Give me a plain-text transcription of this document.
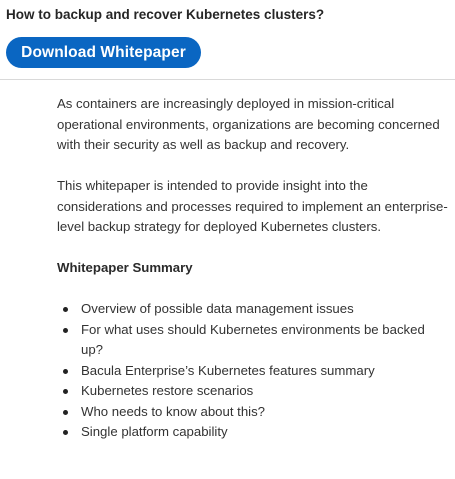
How to backup and recover Kubernetes clusters?
Download Whitepaper

As containers are increasingly deployed in mission-critical operational environments, organizations are becoming concerned with their security as well as backup and recovery.

This whitepaper is intended to provide insight into the considerations and processes required to implement an enterprise-level backup strategy for deployed Kubernetes clusters.

Whitepaper Summary

Overview of possible data management issues
For what uses should Kubernetes environments be backed up?
Bacula Enterprise’s Kubernetes features summary
Kubernetes restore scenarios
Who needs to know about this?
Single platform capability
